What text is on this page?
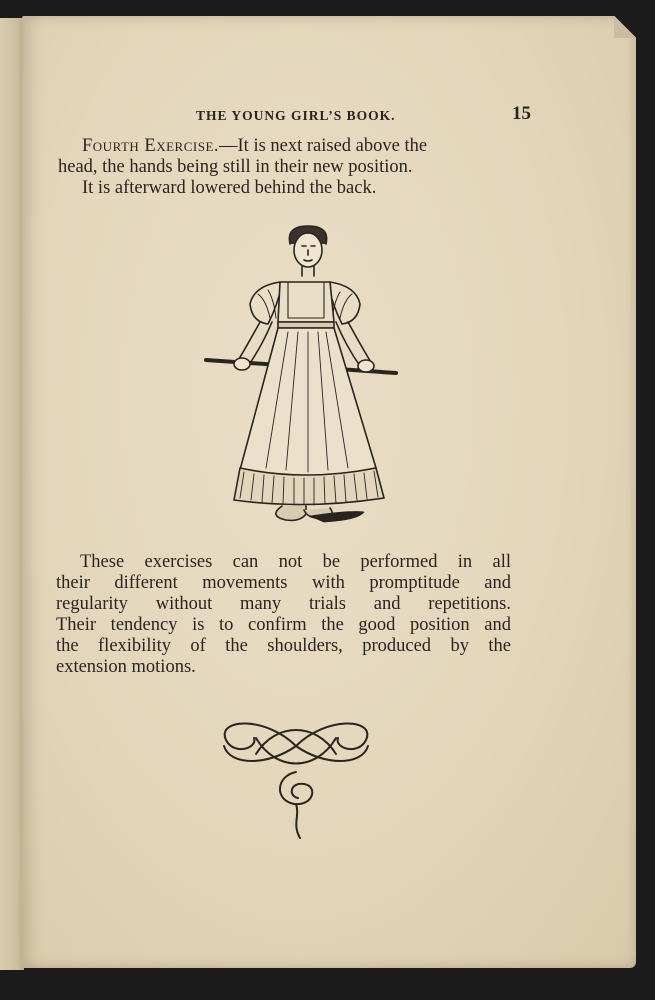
THE YOUNG GIRL’S BOOK.	15
Fourth Exercise.—It is next raised above the
head, the hands being still in their new position.
It is afterward lowered behind the back.
These exercises can not be performed in all
their different movements with promptitude and
regularity without many trials and repetitions.
Their tendency is to confirm the good position and
the flexibility of the shoulders, produced by the
extension motions.
